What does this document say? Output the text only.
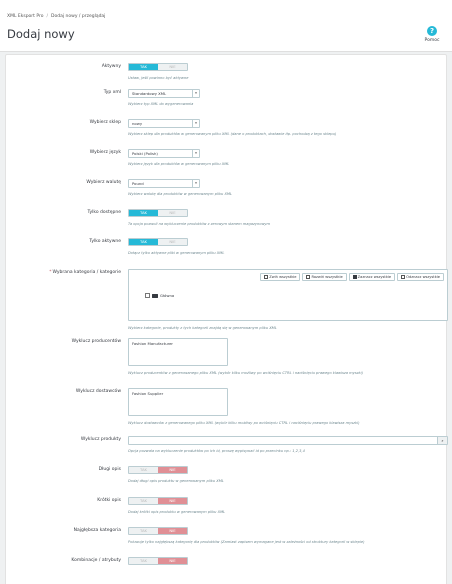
XML Eksport Pro / Dodaj nowy / przeglądaj
Dodaj nowy	?
Pomoc
Aktywny	TAK	NIE
Ustaw, jeśli powinno być aktywne
Typ xml	Standardowy XML	▾
Wybierz typ XML do wygenerowania
Wybierz sklep	nowy	▾
Wybierz sklep dla produktów w generowanym pliku XML (dane o produktach, dostawie itp. pochodzą z tego sklepu)
Wybierz język	Polski (Polish)	▾
Wybierz język dla produktów w generowanym pliku XML
Wybierz walutę	Pound	▾
Wybierz walutę dla produktów w generowanym pliku XML
Tylko dostępne	TAK	NIE
Ta opcja pozwoli na wykluczenie produktów z zerowym stanem magazynowym
Tylko aktywne	TAK	NIE
Dołącz tylko aktywne pliki w generowanym pliku XML
*Wybrana kategoria / kategorie
Zwiń wszystkie	Rozwiń wszystkie	Zaznacz wszystkie	Odznacz wszystkie
Główna
Wybierz kategorie, produkty z tych kategorii znajdą się w generowanym pliku XML
Wyklucz producentów	Fashion Manufacturer
Wyklucz producentów z generowanego pliku XML (wybór kilku możliwy po wciśnięciu CTRL i naciśnięciu prawego klawisza myszki)
Wyklucz dostawców	Fashion Supplier
Wyklucz dostawców z generowanego pliku XML (wybór kilku możliwy po wciśnięciu CTRL i naciśnięciu prawego klawisza myszki)
Wyklucz produkty	⌕
Opcja pozwala na wykluczenie produktów po ich id, proszę wypisywać id po przecinku np.: 1,2,3,4
Długi opis	TAK	NIE
Dodaj długi opis produktu w generowanym pliku XML
Krótki opis	TAK	NIE
Dodaj krótki opis produktu w generowanym pliku XML
Najgłębsza kategoria	TAK	NIE
Pokazuje tylko najgłębszą kategorię dla produktów (Zamiast zapisem wymagane jest w zależności od struktury kategorii w sklepie)
Kombinacje / atrybuty	TAK	NIE
